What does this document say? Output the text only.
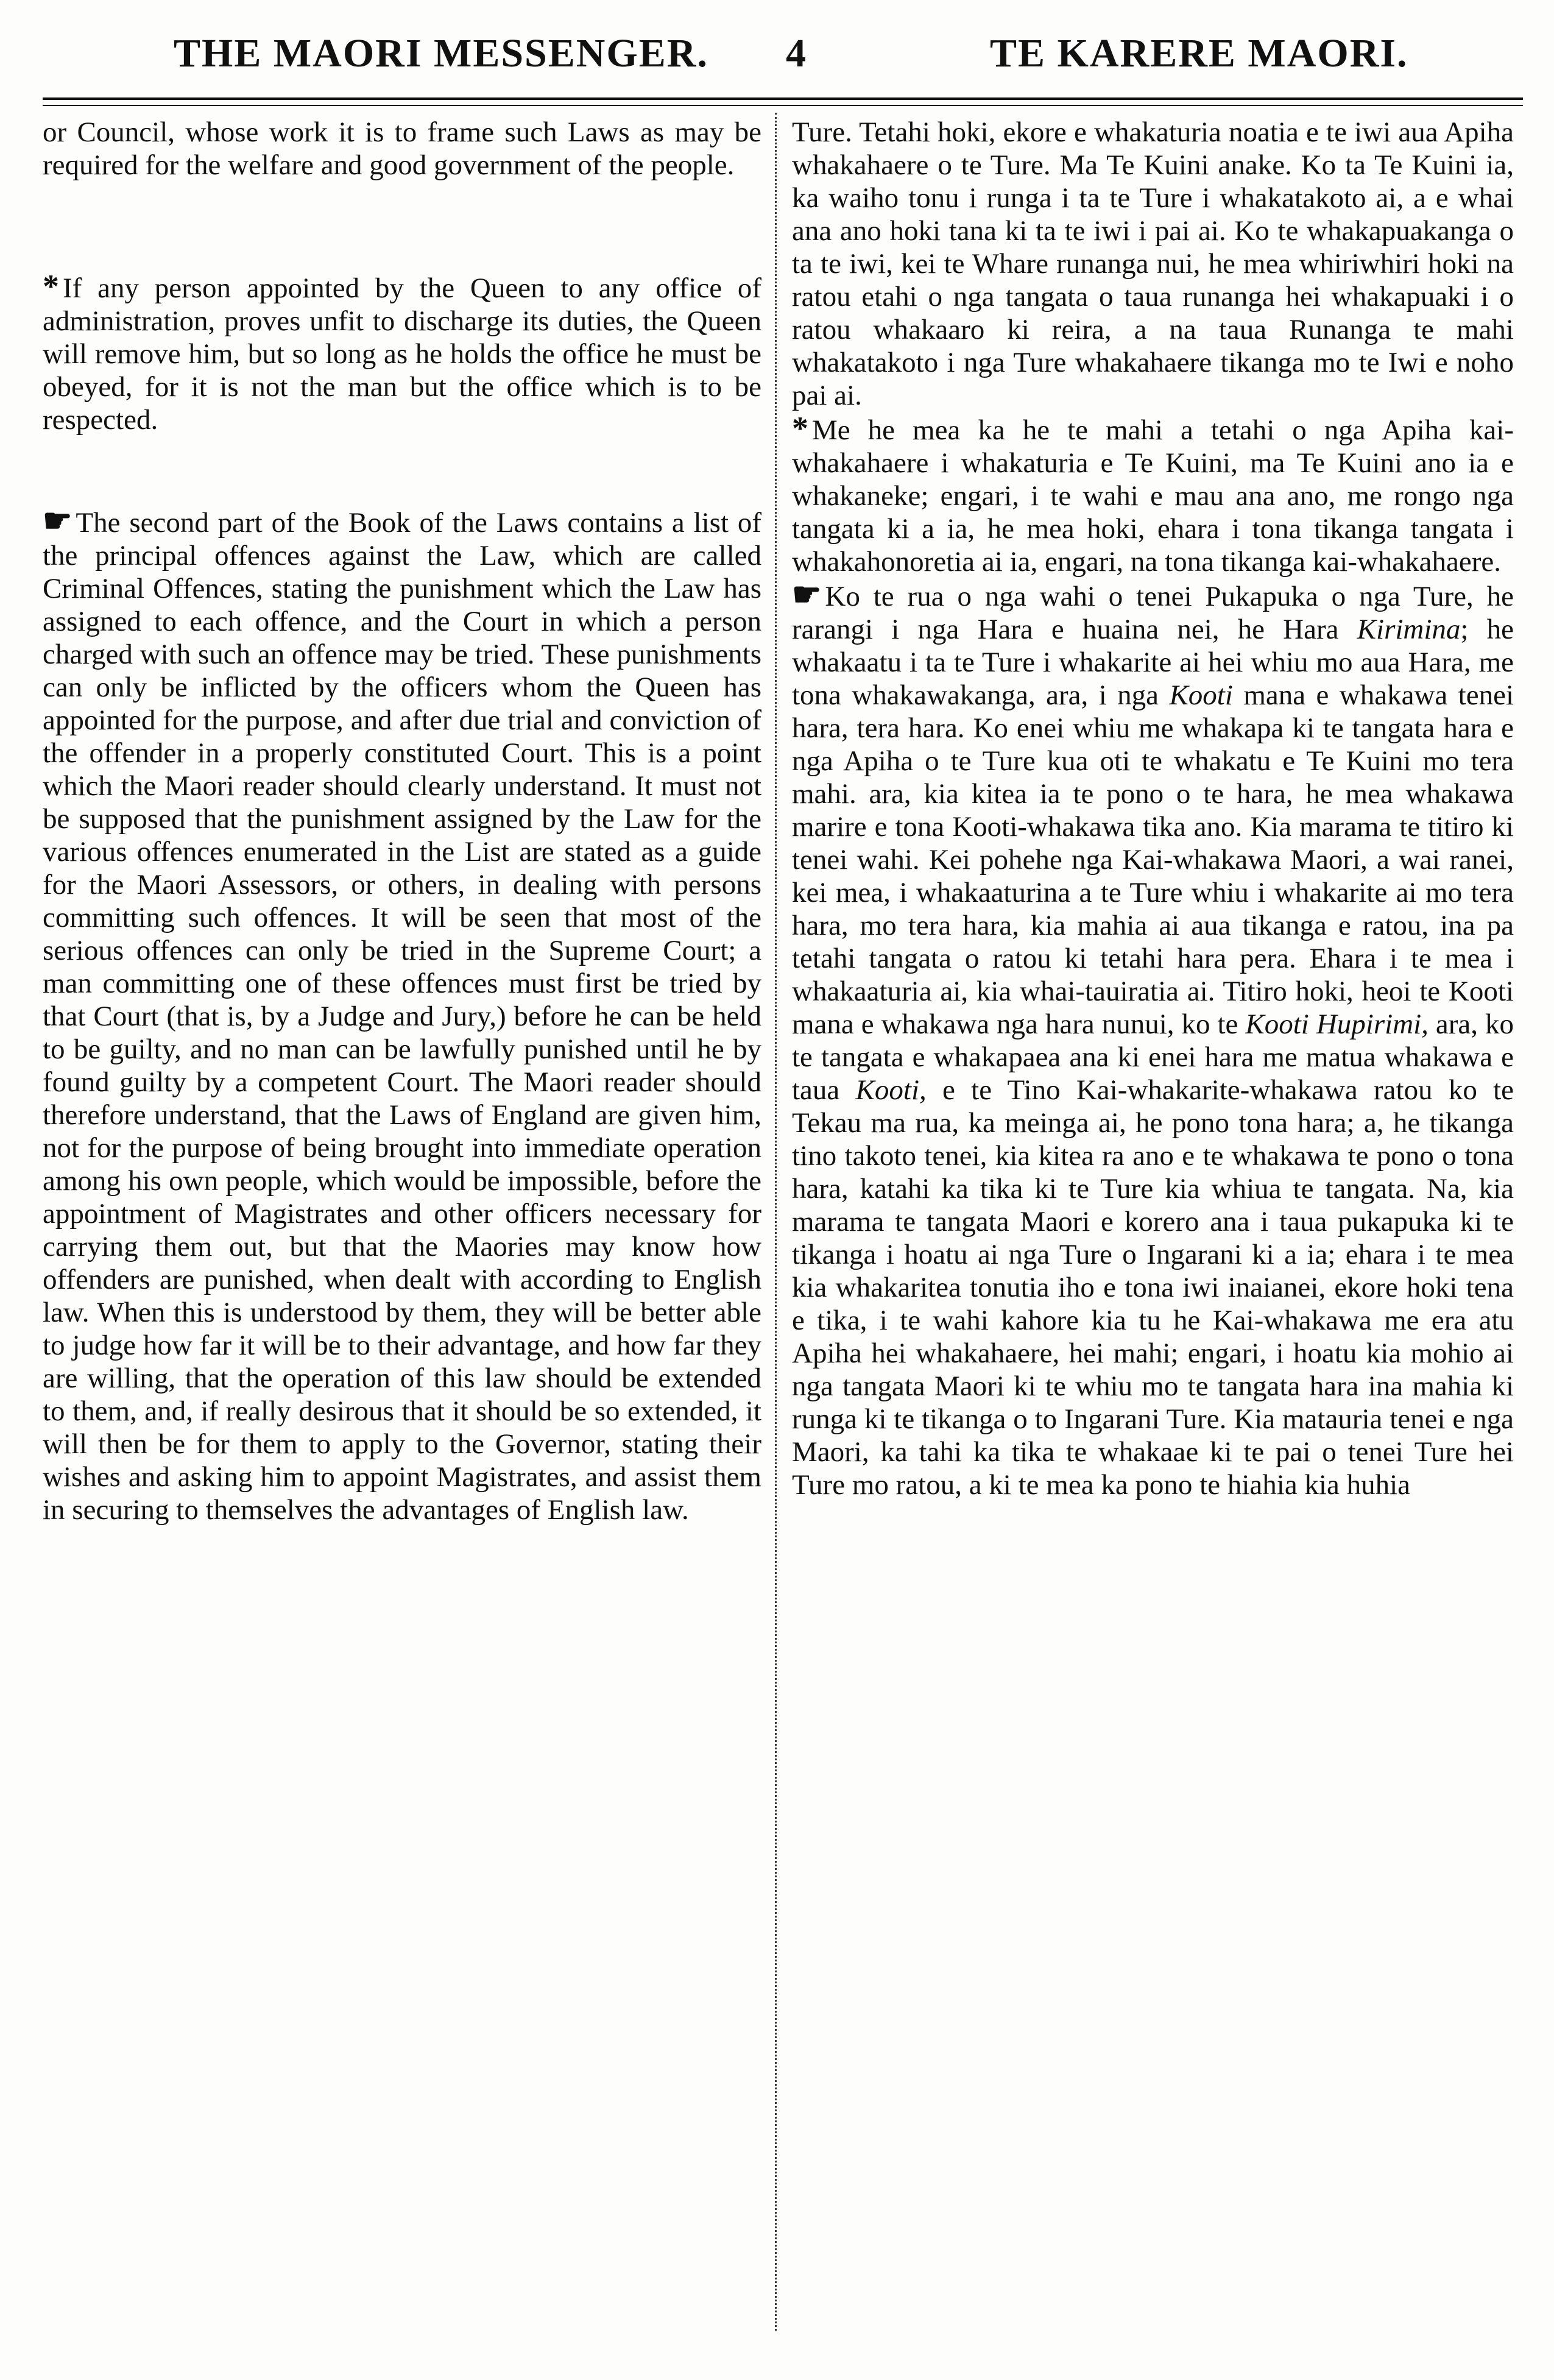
THE MAORI MESSENGER. 4	TE KARERE MAORI.

or Council, whose work it is to frame such Laws as may be required for the welfare and good government of the people.

* If any person appointed by the Queen to any office of administration, proves unfit to discharge its duties, the Queen will remove him, but so long as he holds the office he must be obeyed, for it is not the man but the office which is to be respected.

☛ The second part of the Book of the Laws contains a list of the principal offences against the Law, which are called Criminal Offences, stating the punishment which the Law has assigned to each offence, and the Court in which a person charged with such an offence may be tried. These punishments can only be inflicted by the officers whom the Queen has appointed for the purpose, and after due trial and conviction of the offender in a properly constituted Court. This is a point which the Maori reader should clearly understand. It must not be supposed that the punishment assigned by the Law for the various offences enumerated in the List are stated as a guide for the Maori Assessors, or others, in dealing with persons committing such offences. It will be seen that most of the serious offences can only be tried in the Supreme Court; a man committing one of these offences must first be tried by that Court (that is, by a Judge and Jury,) before he can be held to be guilty, and no man can be lawfully punished until he by found guilty by a competent Court. The Maori reader should therefore understand, that the Laws of England are given him, not for the purpose of being brought into immediate operation among his own people, which would be impossible, before the appointment of Magistrates and other officers necessary for carrying them out, but that the Maories may know how offenders are punished, when dealt with according to English law. When this is understood by them, they will be better able to judge how far it will be to their advantage, and how far they are willing, that the operation of this law should be extended to them, and, if really desirous that it should be so extended, it will then be for them to apply to the Governor, stating their wishes and asking him to appoint Magistrates, and assist them in securing to themselves the advantages of English law.

Ture. Tetahi hoki, ekore e whakaturia noatia e te iwi aua Apiha whakahaere o te Ture. Ma Te Kuini anake. Ko ta Te Kuini ia, ka waiho tonu i runga i ta te Ture i whakatakoto ai, a e whai ana ano hoki tana ki ta te iwi i pai ai. Ko te whakapuakanga o ta te iwi, kei te Whare runanga nui, he mea whiriwhiri hoki na ratou etahi o nga tangata o taua runanga hei whakapuaki i o ratou whakaaro ki reira, a na taua Runanga te mahi whakatakoto i nga Ture whakahaere tikanga mo te Iwi e noho pai ai.

* Me he mea ka he te mahi a tetahi o nga Apiha kai-whakahaere i whakaturia e Te Kuini, ma Te Kuini ano ia e whakaneke; engari, i te wahi e mau ana ano, me rongo nga tangata ki a ia, he mea hoki, ehara i tona tikanga tangata i whakahonoretia ai ia, engari, na tona tikanga kai-whakahaere.

☛ Ko te rua o nga wahi o tenei Pukapuka o nga Ture, he rarangi i nga Hara e huaina nei, he Hara Kirimina; he whakaatu i ta te Ture i whakarite ai hei whiu mo aua Hara, me tona whakawakanga, ara, i nga Kooti mana e whakawa tenei hara, tera hara. Ko enei whiu me whakapa ki te tangata hara e nga Apiha o te Ture kua oti te whakatu e Te Kuini mo tera mahi. ara, kia kitea ia te pono o te hara, he mea whakawa marire e tona Kooti-whakawa tika ano. Kia marama te titiro ki tenei wahi. Kei pohehe nga Kai-whakawa Maori, a wai ranei, kei mea, i whakaaturina a te Ture whiu i whakarite ai mo tera hara, mo tera hara, kia mahia ai aua tikanga e ratou, ina pa tetahi tangata o ratou ki tetahi hara pera. Ehara i te mea i whakaaturia ai, kia whai-tauiratia ai. Titiro hoki, heoi te Kooti mana e whakawa nga hara nunui, ko te Kooti Hupirimi, ara, ko te tangata e whakapaea ana ki enei hara me matua whakawa e taua Kooti, e te Tino Kai-whakarite-whakawa ratou ko te Tekau ma rua, ka meinga ai, he pono tona hara; a, he tikanga tino takoto tenei, kia kitea ra ano e te whakawa te pono o tona hara, katahi ka tika ki te Ture kia whiua te tangata. Na, kia marama te tangata Maori e korero ana i taua pukapuka ki te tikanga i hoatu ai nga Ture o Ingarani ki a ia; ehara i te mea kia whakaritea tonutia iho e tona iwi inaianei, ekore hoki tena e tika, i te wahi kahore kia tu he Kai-whakawa me era atu Apiha hei whakahaere, hei mahi; engari, i hoatu kia mohio ai nga tangata Maori ki te whiu mo te tangata hara ina mahia ki runga ki te tikanga o to Ingarani Ture. Kia matauria tenei e nga Maori, ka tahi ka tika te whakaae ki te pai o tenei Ture hei Ture mo ratou, a ki te mea ka pono te hiahia kia huhia
